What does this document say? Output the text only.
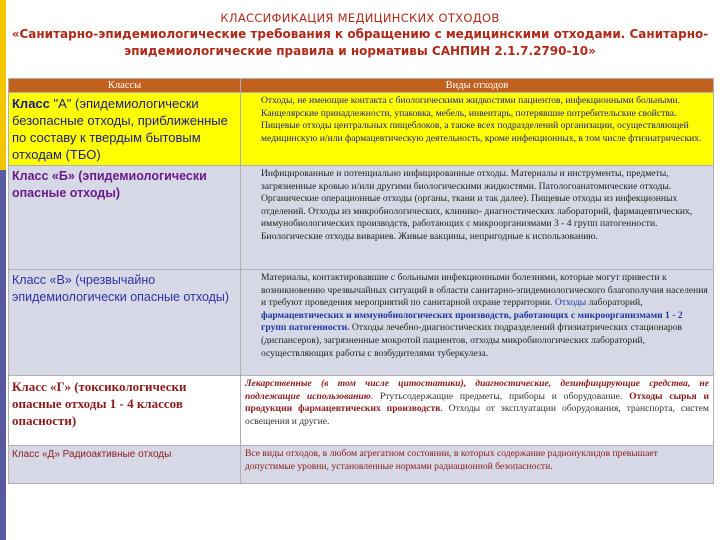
КЛАССИФИКАЦИЯ МЕДИЦИНСКИХ ОТХОДОВ
«Санитарно-эпидемиологические требования к обращению с медицинскими отходами. Санитарно-эпидемиологические правила и нормативы САНПИН 2.1.7.2790-10»
Классы	Виды отходов
Класс "А" (эпидемиологически безопасные отходы, приближенные по составу к твердым бытовым отходам (ТБО)	Отходы, не имеющие контакта с биологическими жидкостями пациентов, инфекционными больными. Канцелярские принадлежности, упаковка, мебель, инвентарь, потерявшие потребительские свойства. Пищевые отходы центральных пищеблоков, а также всех подразделений организации, осуществляющей медицинскую и/или фармацевтическую деятельность, кроме инфекционных, в том числе фтизиатрических.

Класс «Б» (эпидемиологически опасные отходы)	Инфицированные и потенциально инфицированные отходы. Материалы и инструменты, предметы, загрязненные кровью и/или другими биологическими жидкостями. Патологоанатомические отходы. Органические операционные отходы (органы, ткани и так далее). Пищевые отходы из инфекционных отделений. Отходы из микробиологических, клинико- диагностических лабораторий, фармацевтических, иммунобиологических производств, работающих с микроорганизмами 3 - 4 групп патогенности. Биологические отходы вивариев. Живые вакцины, непригодные к использованию.

Класс «В» (чрезвычайно эпидемиологически опасные отходы)	Материалы, контактировавшие с больными инфекционными болезнями, которые могут привести к возникновению чрезвычайных ситуаций в области санитарно-эпидемиологического благополучия населения и требуют проведения мероприятий по санитарной охране территории. Отходы лабораторий, фармацевтических и иммунобиологических производств, работающих с микроорганизмами 1 - 2 групп патогенности. Отходы лечебно-диагностических подразделений фтизиатрических стационаров (диспансеров), загрязненные мокротой пациентов, отходы микробиологических лабораторий, осуществляющих работы с возбудителями туберкулеза.

Класс «Г» (токсикологически опасные отходы 1 - 4 классов опасности)	Лекарственные (в том числе цитостатики), диагностические, дезинфицирующие средства, не подлежащие использованию. Ртутьсодержащие предметы, приборы и оборудование. Отходы сырья и продукции фармацевтических производств. Отходы от эксплуатации оборудования, транспорта, систем освещения и другие.
Класс «Д» Радиоактивные отходы	Все виды отходов, в любом агрегатном состоянии, в которых содержание радионуклидов превышает допустимые уровни, установленные нормами радиационной безопасности.
